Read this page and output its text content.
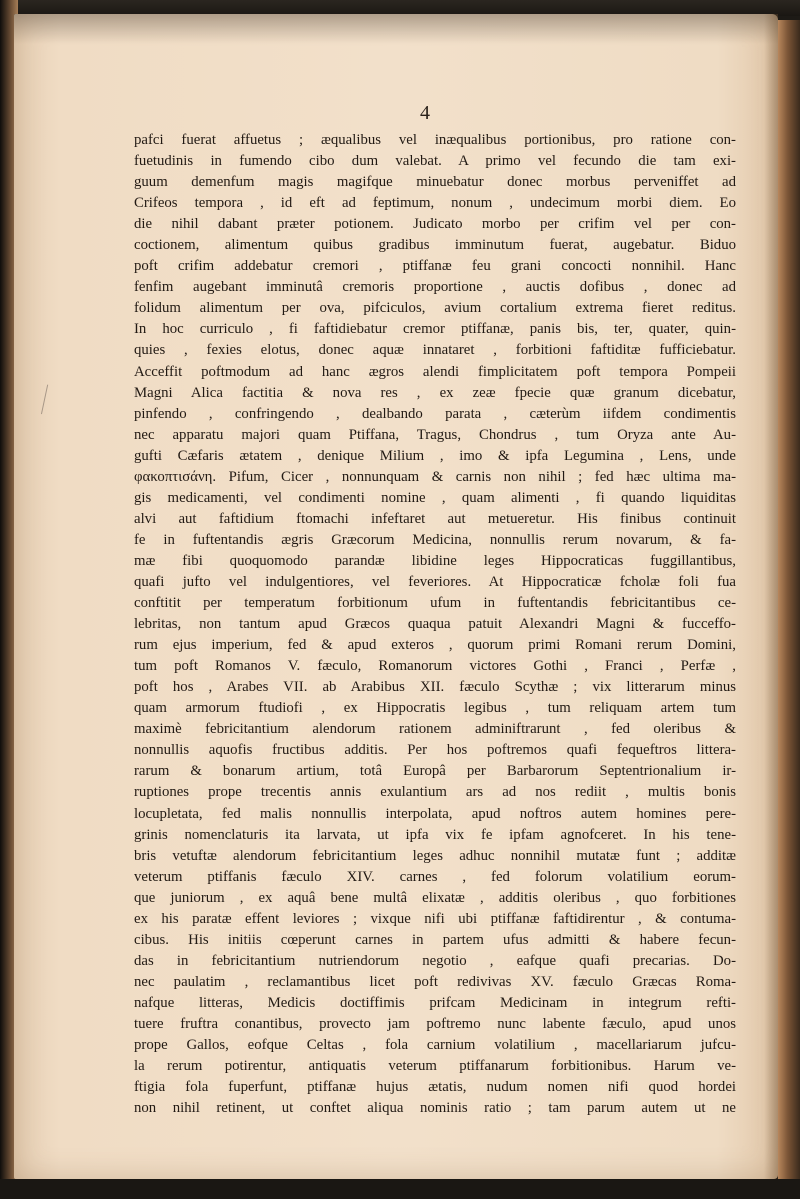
4
pafci fuerat affuetus ; æqualibus vel inæqualibus portionibus, pro ratione con-
fuetudinis in fumendo cibo dum valebat. A primo vel fecundo die tam exi-
guum demenfum magis magifque minuebatur donec morbus perveniffet ad
Crifeos tempora , id eft ad feptimum, nonum , undecimum morbi diem. Eo
die nihil dabant præter potionem. Judicato morbo per crifim vel per con-
coctionem, alimentum quibus gradibus imminutum fuerat, augebatur. Biduo
poft crifim addebatur cremori , ptiffanæ feu grani concocti nonnihil. Hanc
fenfim augebant imminutâ cremoris proportione , auctis dofibus , donec ad
folidum alimentum per ova, pifciculos, avium cortalium extrema fieret reditus.
In hoc curriculo , fi faftidiebatur cremor ptiffanæ, panis bis, ter, quater, quin-
quies , fexies elotus, donec aquæ innataret , forbitioni faftiditæ fufficiebatur.
Acceffit poftmodum ad hanc ægros alendi fimplicitatem poft tempora Pompeii
Magni Alica factitia & nova res , ex zeæ fpecie quæ granum dicebatur,
pinfendo , confringendo , dealbando parata , cæterùm iifdem condimentis
nec apparatu majori quam Ptiffana, Tragus, Chondrus , tum Oryza ante Au-
gufti Cæfaris ætatem , denique Milium , imo & ipfa Legumina , Lens, unde
φακοπτισάνη. Pifum, Cicer , nonnunquam & carnis non nihil ; fed hæc ultima ma-
gis medicamenti, vel condimenti nomine , quam alimenti , fi quando liquiditas
alvi aut faftidium ftomachi infeftaret aut metueretur. His finibus continuit
fe in fuftentandis ægris Græcorum Medicina, nonnullis rerum novarum, & fa-
mæ fibi quoquomodo parandæ libidine leges Hippocraticas fuggillantibus,
quafi jufto vel indulgentiores, vel feveriores. At Hippocraticæ fcholæ foli fua
conftitit per temperatum forbitionum ufum in fuftentandis febricitantibus ce-
lebritas, non tantum apud Græcos quaqua patuit Alexandri Magni & fucceffo-
rum ejus imperium, fed & apud exteros , quorum primi Romani rerum Domini,
tum poft Romanos V. fæculo, Romanorum victores Gothi , Franci , Perfæ ,
poft hos , Arabes VII. ab Arabibus XII. fæculo Scythæ ; vix litterarum minus
quam armorum ftudiofi , ex Hippocratis legibus , tum reliquam artem tum
maximè febricitantium alendorum rationem adminiftrarunt , fed oleribus &
nonnullis aquofis fructibus additis. Per hos poftremos quafi fequeftros littera-
rarum & bonarum artium, totâ Europâ per Barbarorum Septentrionalium ir-
ruptiones prope trecentis annis exulantium ars ad nos rediit , multis bonis
locupletata, fed malis nonnullis interpolata, apud noftros autem homines pere-
grinis nomenclaturis ita larvata, ut ipfa vix fe ipfam agnofceret. In his tene-
bris vetuftæ alendorum febricitantium leges adhuc nonnihil mutatæ funt ; additæ
veterum ptiffanis fæculo XIV. carnes , fed folorum volatilium eorum-
que juniorum , ex aquâ bene multâ elixatæ , additis oleribus , quo forbitiones
ex his paratæ effent leviores ; vixque nifi ubi ptiffanæ faftidirentur , & contuma-
cibus. His initiis cœperunt carnes in partem ufus admitti & habere fecun-
das in febricitantium nutriendorum negotio , eafque quafi precarias. Do-
nec paulatim , reclamantibus licet poft redivivas XV. fæculo Græcas Roma-
nafque litteras, Medicis doctiffimis prifcam Medicinam in integrum refti-
tuere fruftra conantibus, provecto jam poftremo nunc labente fæculo, apud unos
prope Gallos, eofque Celtas , fola carnium volatilium , macellariarum jufcu-
la rerum potirentur, antiquatis veterum ptiffanarum forbitionibus. Harum ve-
ftigia fola fuperfunt, ptiffanæ hujus ætatis, nudum nomen nifi quod hordei
non nihil retinent, ut conftet aliqua nominis ratio ; tam parum autem ut ne
